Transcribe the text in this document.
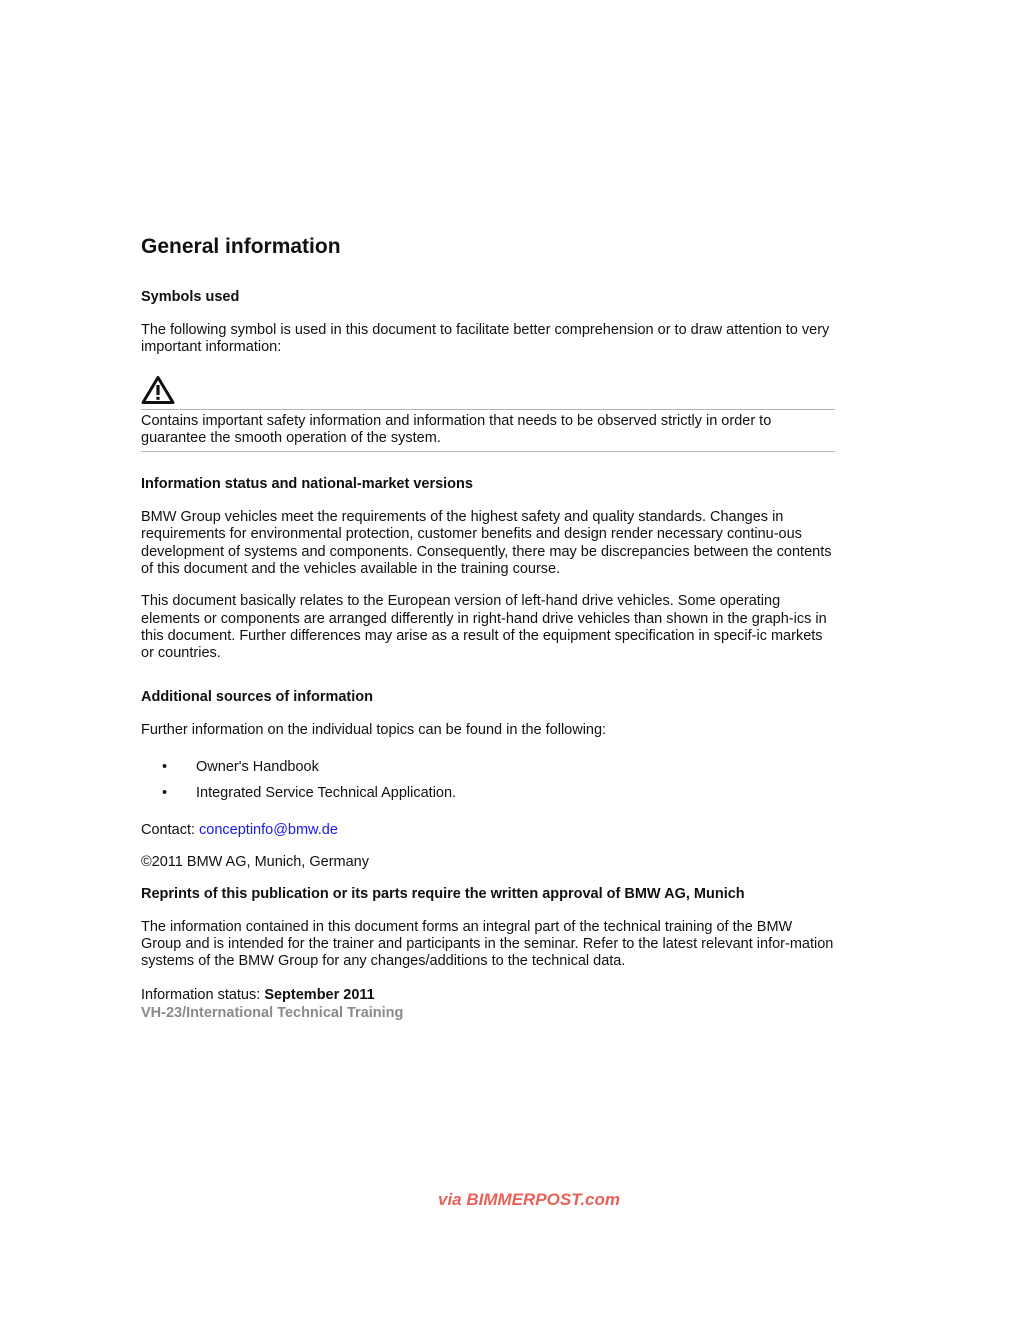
General information
Symbols used

The following symbol is used in this document to facilitate better comprehension or to draw attention to very important information:

Contains important safety information and information that needs to be observed strictly in order to guarantee the smooth operation of the system.

Information status and national-market versions

BMW Group vehicles meet the requirements of the highest safety and quality standards. Changes in requirements for environmental protection, customer benefits and design render necessary continu-ous development of systems and components. Consequently, there may be discrepancies between the contents of this document and the vehicles available in the training course.

This document basically relates to the European version of left-hand drive vehicles. Some operating elements or components are arranged differently in right-hand drive vehicles than shown in the graph-ics in this document. Further differences may arise as a result of the equipment specification in specif-ic markets or countries.

Additional sources of information

Further information on the individual topics can be found in the following:

• Owner's Handbook
• Integrated Service Technical Application.

Contact: conceptinfo@bmw.de

©2011 BMW AG, Munich, Germany

Reprints of this publication or its parts require the written approval of BMW AG, Munich

The information contained in this document forms an integral part of the technical training of the BMW Group and is intended for the trainer and participants in the seminar. Refer to the latest relevant infor-mation systems of the BMW Group for any changes/additions to the technical data.

Information status: September 2011

VH-23/International Technical Training

via BIMMERPOST.com
